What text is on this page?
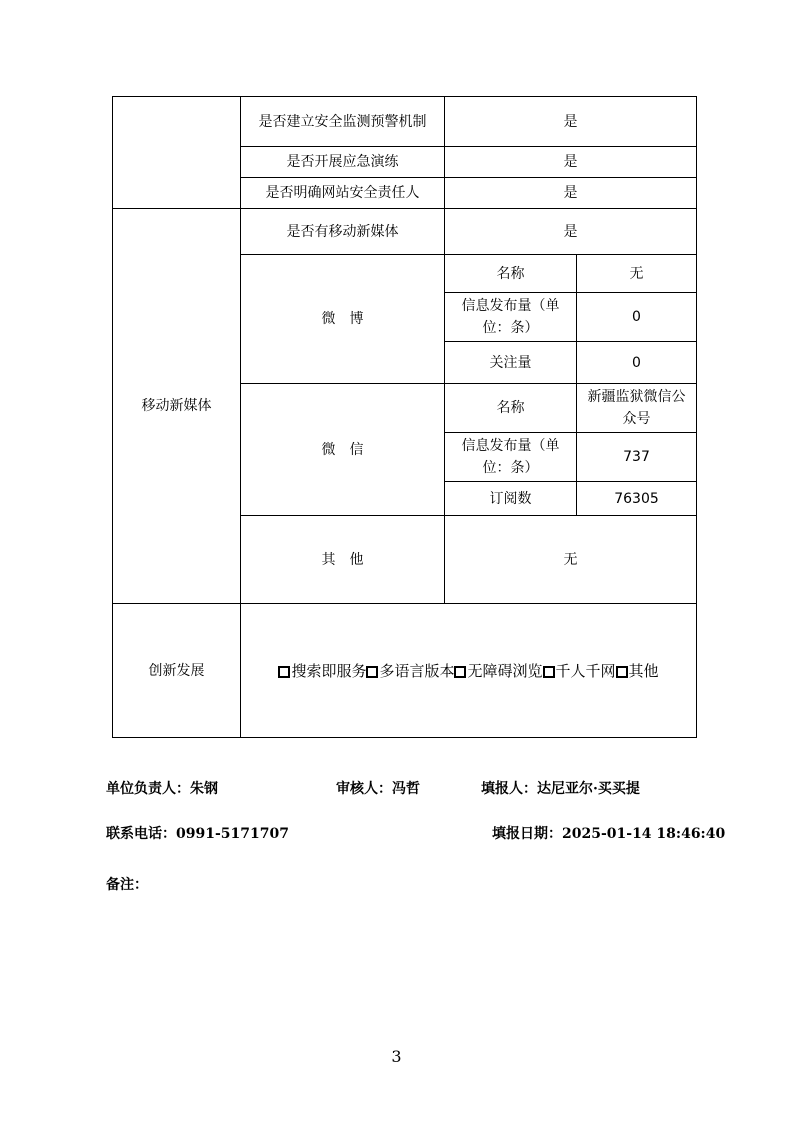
	是否建立安全监测预警机制	是	
	是否开展应急演练	是	
	是否明确网站安全责任人	是	
移动新媒体	是否有移动新媒体	是	
	微　博	名称	无
		信息发布量（单位：条）	0
		关注量	0
	微　信	名称	新疆监狱微信公众号
		信息发布量（单位：条）	737
		订阅数	76305
	其　他	无	
创新发展	搜索即服务 多语言版本 无障碍浏览 千人千网 其他		
单位负责人：朱钢	审核人：冯哲	填报人：达尼亚尔·买买提
联系电话：0991-5171707	填报日期：2025-01-14 18:46:40
备注：
3
